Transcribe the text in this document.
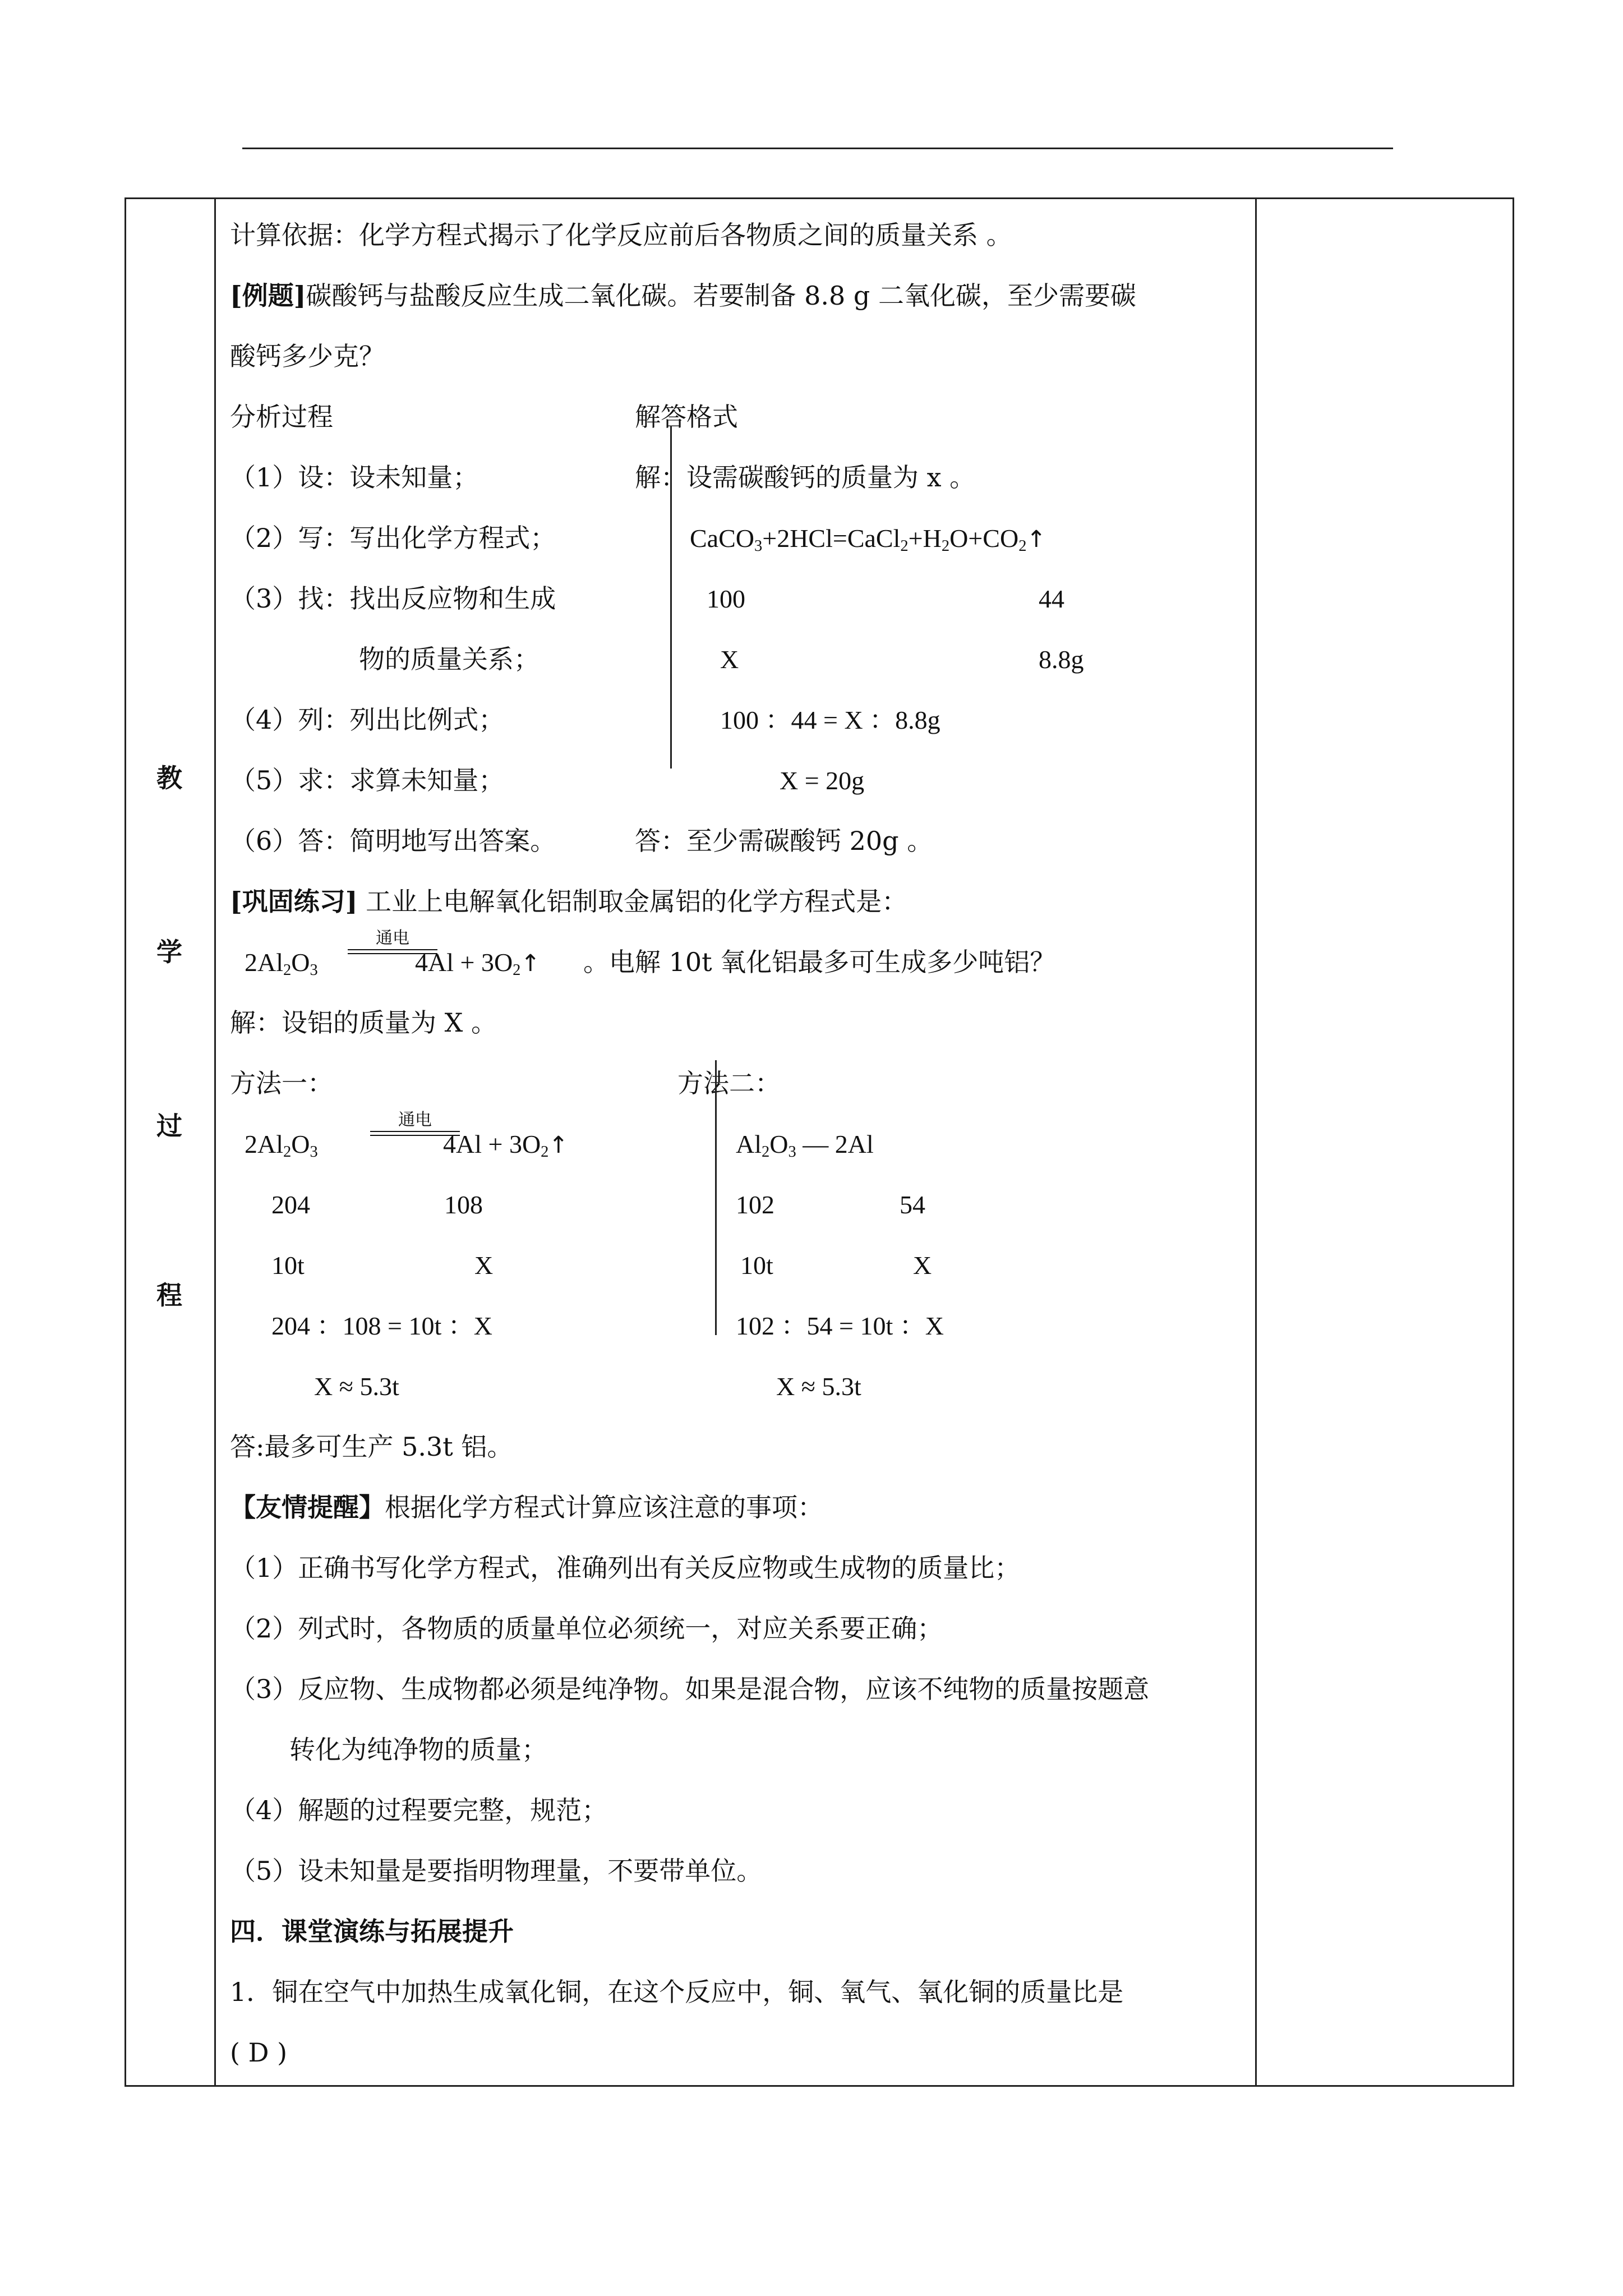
教
学
过
程
计算依据：化学方程式揭示了化学反应前后各物质之间的质量关系 。
[例题]碳酸钙与盐酸反应生成二氧化碳。若要制备 8.8 g 二氧化碳，至少需要碳
酸钙多少克？
分析过程	解答格式
（1）设：设未知量；
（2）写：写出化学方程式；
（3）找：找出反应物和生成
物的质量关系；
（4）列：列出比例式；
（5）求：求算未知量；
（6）答：简明地写出答案。
解：设需碳酸钙的质量为 x 。
$CaCO_3+2HCl=CaCl_2+H_2O+CO_2↑$
100	44
X	8.8g
100 ：44 = X ：8.8g
X = 20g
答：至少需碳酸钙 20g 。
[巩固练习] 工业上电解氧化铝制取金属铝的化学方程式是：
$2Al_2O_3$
通电
$4Al + 3O_2↑$ 。电解 10t 氧化铝最多可生成多少吨铝？
解：设铝的质量为 X 。
方法一：	方法二：
$2Al_2O_3$
通电
$4Al + 3O_2↑$
204	108
10t	X
204 ：108 = 10t ：X
X ≈ 5.3t
$Al_2O_3$ — 2Al
102	54
10t	X
102 ：54 = 10t ：X
X ≈ 5.3t
答:最多可生产 5.3t 铝。
【友情提醒】根据化学方程式计算应该注意的事项：
（1）正确书写化学方程式，准确列出有关反应物或生成物的质量比；
（2）列式时，各物质的质量单位必须统一，对应关系要正确；
（3）反应物、生成物都必须是纯净物。如果是混合物，应该不纯物的质量按题意
转化为纯净物的质量；
（4）解题的过程要完整，规范；
（5）设未知量是要指明物理量，不要带单位。
四．课堂演练与拓展提升
1．铜在空气中加热生成氧化铜，在这个反应中，铜、氧气、氧化铜的质量比是
( D )
